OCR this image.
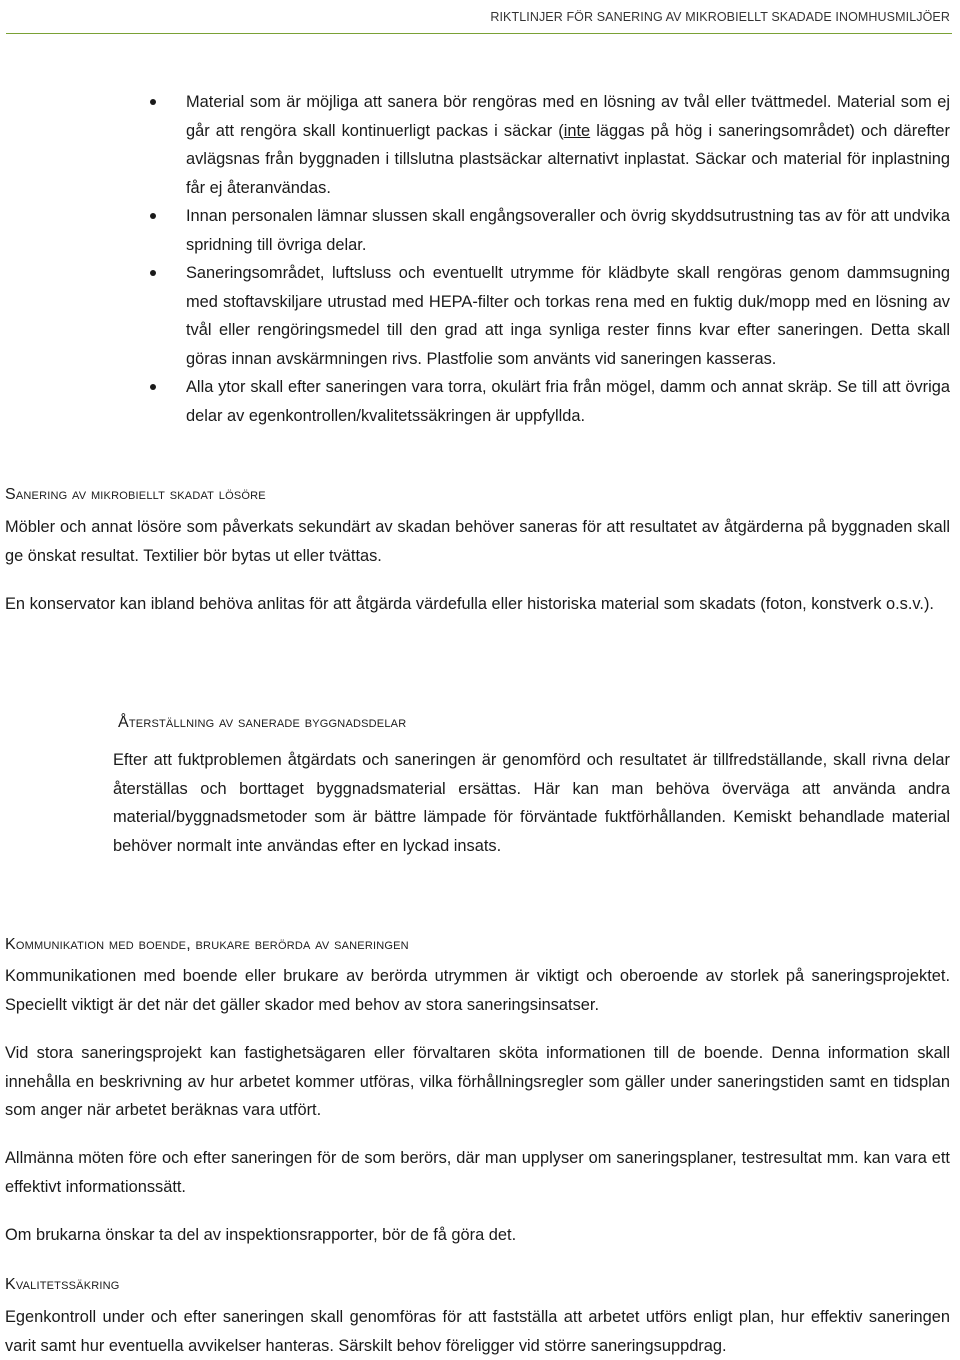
RIKTLINJER FÖR SANERING AV MIKROBIELLT SKADADE INOMHUSMILJÖER
Material som är möjliga att sanera bör rengöras med en lösning av tvål eller tvättmedel. Material som ej går att rengöra skall kontinuerligt packas i säckar (inte läggas på hög i saneringsområdet) och därefter avlägsnas från byggnaden i tillslutna plastsäckar alternativt inplastat. Säckar och material för inplastning får ej återanvändas.
Innan personalen lämnar slussen skall engångsoveraller och övrig skyddsutrustning tas av för att undvika spridning till övriga delar.
Saneringsområdet, luftsluss och eventuellt utrymme för klädbyte skall rengöras genom dammsugning med stoftavskiljare utrustad med HEPA-filter och torkas rena med en fuktig duk/mopp med en lösning av tvål eller rengöringsmedel till den grad att inga synliga rester finns kvar efter saneringen. Detta skall göras innan avskärmningen rivs. Plastfolie som använts vid saneringen kasseras.
Alla ytor skall efter saneringen vara torra, okulärt fria från mögel, damm och annat skräp. Se till att övriga delar av egenkontrollen/kvalitetssäkringen är uppfyllda.
Sanering av mikrobiellt skadat lösöre

Möbler och annat lösöre som påverkats sekundärt av skadan behöver saneras för att resultatet av åtgärderna på byggnaden skall ge önskat resultat. Textilier bör bytas ut eller tvättas.

En konservator kan ibland behöva anlitas för att åtgärda värdefulla eller historiska material som skadats (foton, konstverk o.s.v.).

Återställning av sanerade byggnadsdelar

Efter att fuktproblemen åtgärdats och saneringen är genomförd och resultatet är tillfredställande, skall rivna delar återställas och borttaget byggnadsmaterial ersättas. Här kan man behöva överväga att använda andra material/byggnadsmetoder som är bättre lämpade för förväntade fuktförhållanden. Kemiskt behandlade material behöver normalt inte användas efter en lyckad insats.

Kommunikation med boende, brukare berörda av saneringen

Kommunikationen med boende eller brukare av berörda utrymmen är viktigt och oberoende av storlek på saneringsprojektet. Speciellt viktigt är det när det gäller skador med behov av stora saneringsinsatser.

Vid stora saneringsprojekt kan fastighetsägaren eller förvaltaren sköta informationen till de boende. Denna information skall innehålla en beskrivning av hur arbetet kommer utföras, vilka förhållningsregler som gäller under saneringstiden samt en tidsplan som anger när arbetet beräknas vara utfört.

Allmänna möten före och efter saneringen för de som berörs, där man upplyser om saneringsplaner, testresultat mm. kan vara ett effektivt informationssätt.

Om brukarna önskar ta del av inspektionsrapporter, bör de få göra det.

Kvalitetssäkring

Egenkontroll under och efter saneringen skall genomföras för att fastställa att arbetet utförs enligt plan, hur effektiv saneringen varit samt hur eventuella avvikelser hanteras. Särskilt behov föreligger vid större saneringsuppdrag.
